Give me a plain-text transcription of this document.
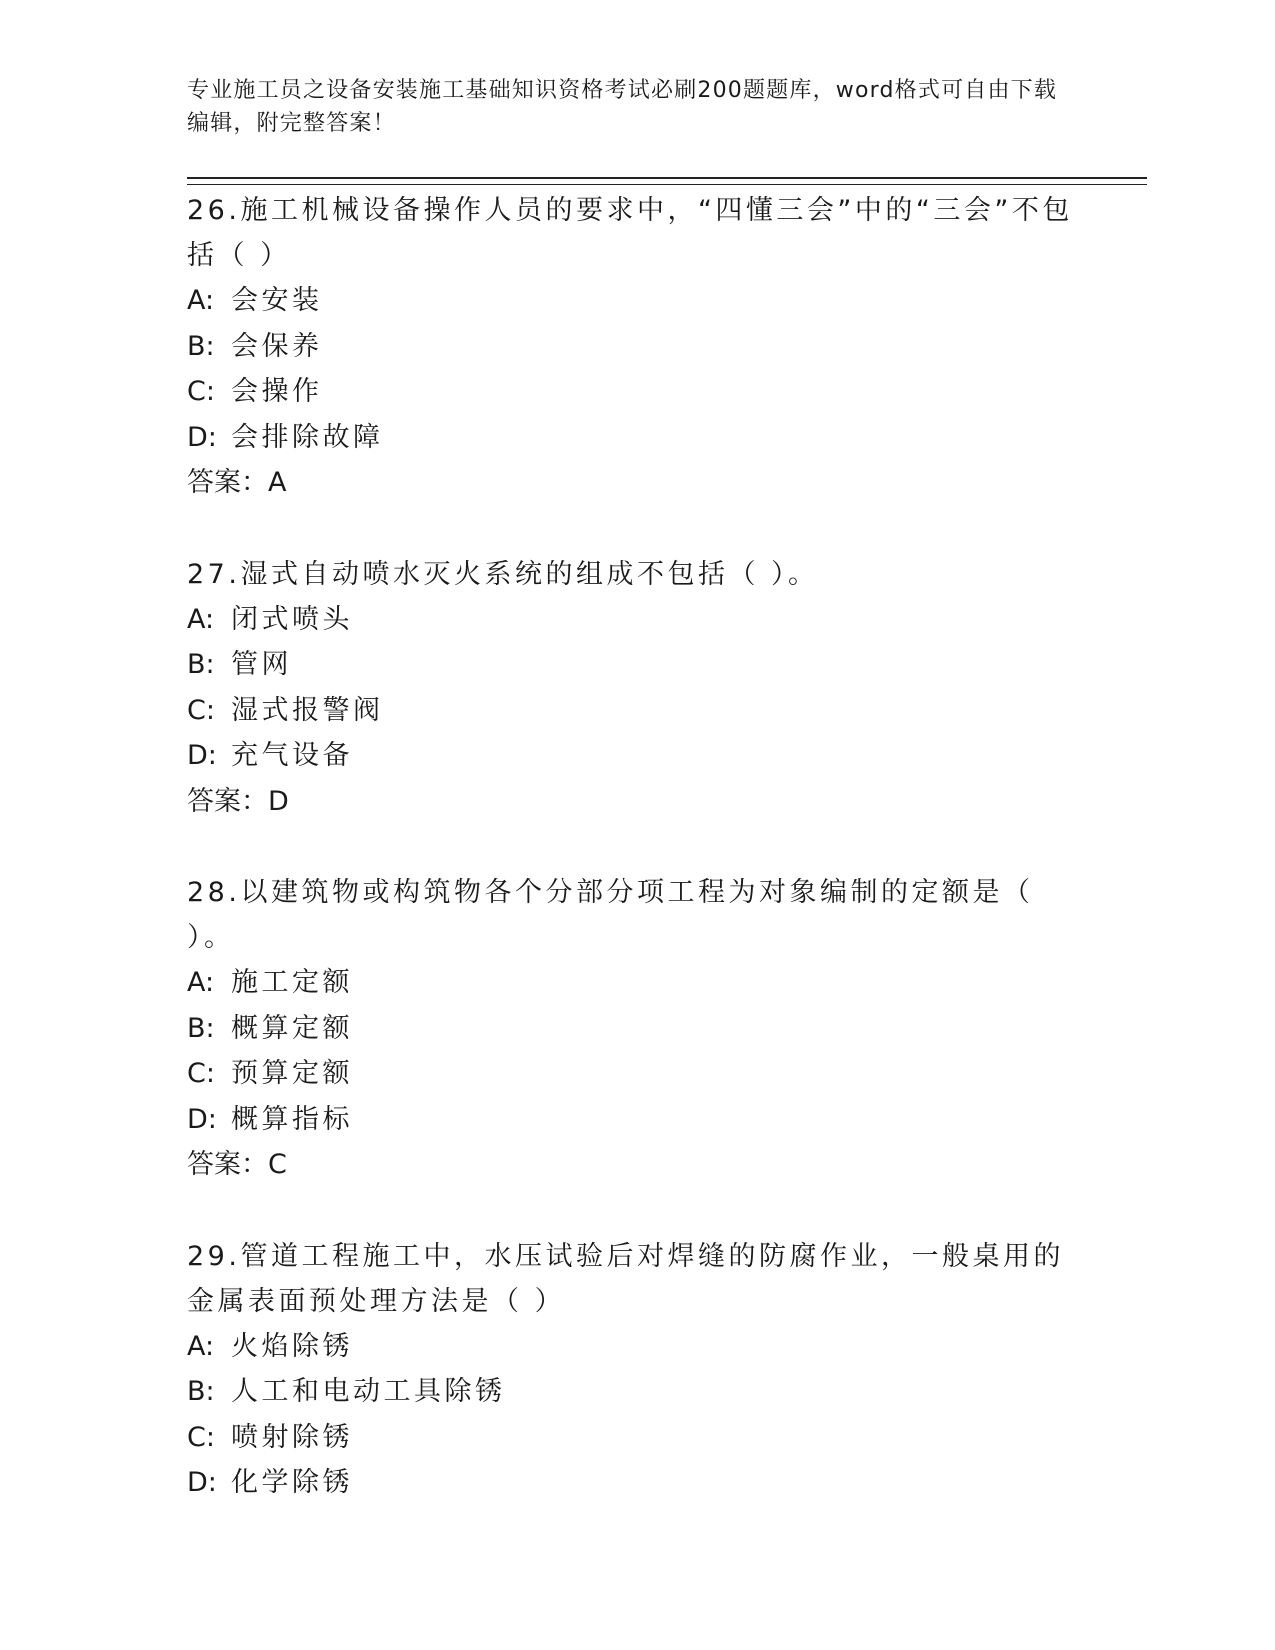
专业施工员之设备安装施工基础知识资格考试必刷200题题库，word格式可自由下载编辑，附完整答案！
26.施工机械设备操作人员的要求中，“四懂三会”中的“三会”不包括（ ）
A: 会安装
B: 会保养
C: 会操作
D: 会排除故障
答案：A
27.湿式自动喷水灭火系统的组成不包括（ ）。
A: 闭式喷头
B: 管网
C: 湿式报警阀
D: 充气设备
答案：D
28.以建筑物或构筑物各个分部分项工程为对象编制的定额是（ ）。
A: 施工定额
B: 概算定额
C: 预算定额
D: 概算指标
答案：C
29.管道工程施工中，水压试验后对焊缝的防腐作业，一般桌用的金属表面预处理方法是（ ）
A: 火焰除锈
B: 人工和电动工具除锈
C: 喷射除锈
D: 化学除锈
